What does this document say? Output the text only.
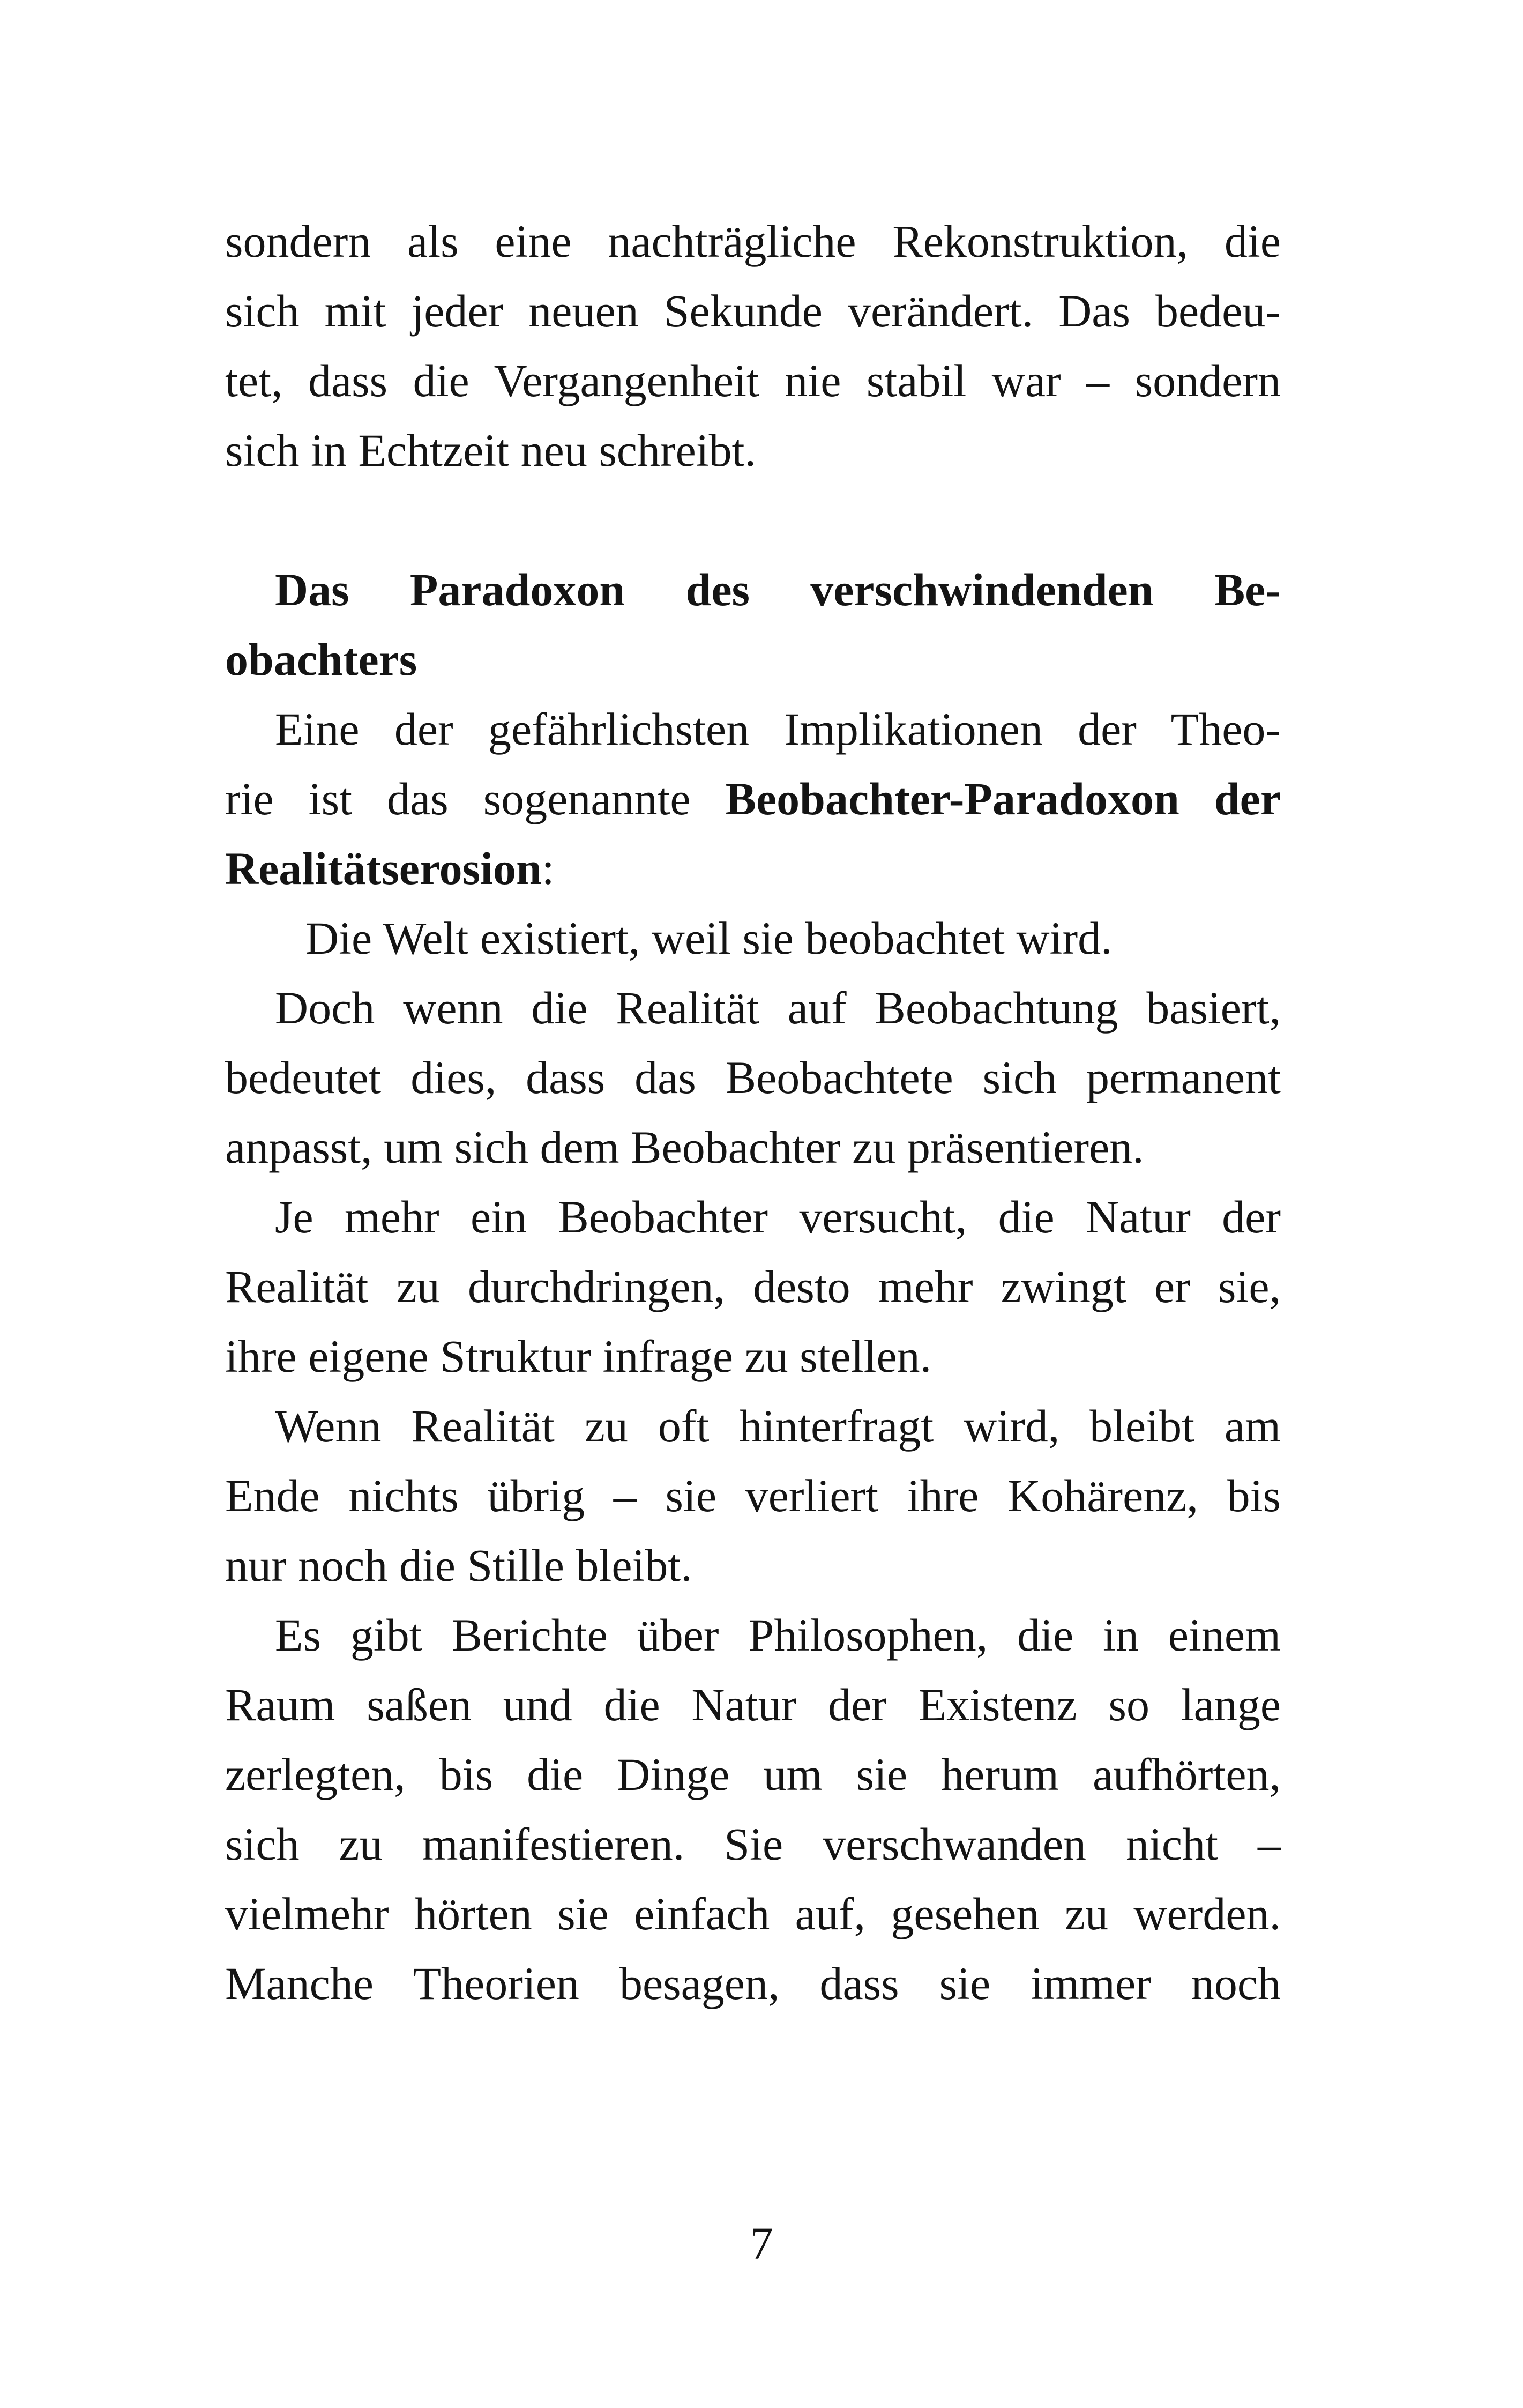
sondern als eine nachträgliche Rekonstruktion, die
sich mit jeder neuen Sekunde verändert. Das bedeu-
tet, dass die Vergangenheit nie stabil war – sondern
sich in Echtzeit neu schreibt.
Das Paradoxon des verschwindenden Be-
obachters
Eine der gefährlichsten Implikationen der Theo-
rie ist das sogenannte Beobachter-Paradoxon der
Realitätserosion:
Die Welt existiert, weil sie beobachtet wird.
Doch wenn die Realität auf Beobachtung basiert,
bedeutet dies, dass das Beobachtete sich permanent
anpasst, um sich dem Beobachter zu präsentieren.
Je mehr ein Beobachter versucht, die Natur der
Realität zu durchdringen, desto mehr zwingt er sie,
ihre eigene Struktur infrage zu stellen.
Wenn Realität zu oft hinterfragt wird, bleibt am
Ende nichts übrig – sie verliert ihre Kohärenz, bis
nur noch die Stille bleibt.
Es gibt Berichte über Philosophen, die in einem
Raum saßen und die Natur der Existenz so lange
zerlegten, bis die Dinge um sie herum aufhörten,
sich zu manifestieren. Sie verschwanden nicht –
vielmehr hörten sie einfach auf, gesehen zu werden.
Manche Theorien besagen, dass sie immer noch
7
